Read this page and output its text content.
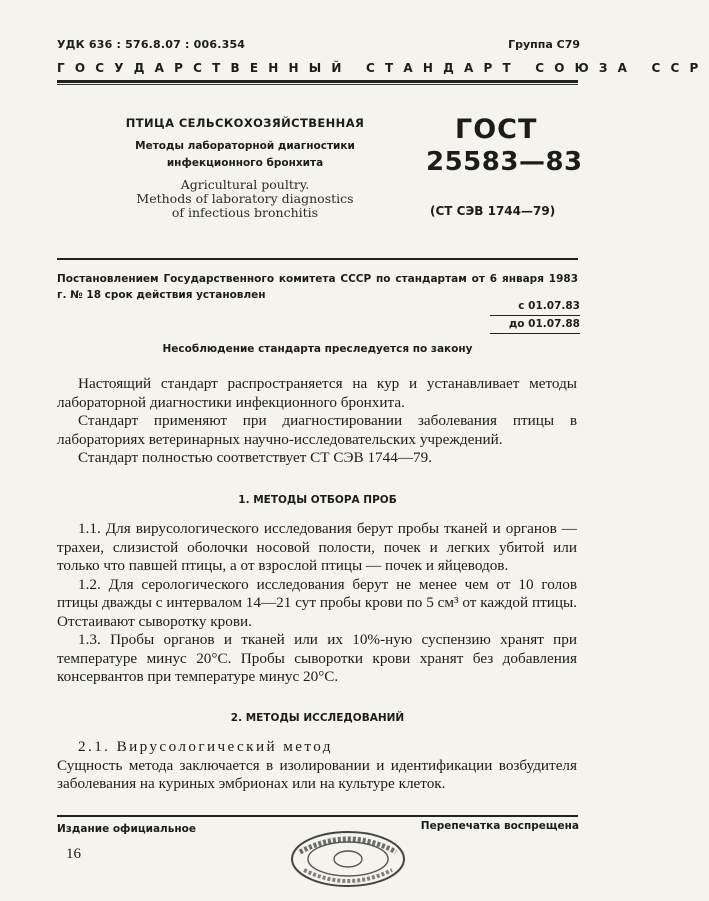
УДК 636 : 576.8.07 : 006.354	Группа С79
ГОСУДАРСТВЕННЫЙ СТАНДАРТ СОЮЗА ССР
ПТИЦА СЕЛЬСКОХОЗЯЙСТВЕННАЯ
Методы лабораторной диагностики
инфекционного бронхита
Agricultural poultry.
Methods of laboratory diagnostics
of infectious bronchitis
ГОСТ
25583—83
(СТ СЭВ 1744—79)
Постановлением Государственного комитета СССР по стандартам от 6 января 1983 г. № 18 срок действия установлен
с 01.07.83
до 01.07.88
Несоблюдение стандарта преследуется по закону

Настоящий стандарт распространяется на кур и устанавливает методы лабораторной диагностики инфекционного бронхита.

Стандарт применяют при диагностировании заболевания птицы в лабораториях ветеринарных научно-исследовательских учреждений.

Стандарт полностью соответствует СТ СЭВ 1744—79.

1. МЕТОДЫ ОТБОРА ПРОБ

1.1. Для вирусологического исследования берут пробы тканей и органов — трахеи, слизистой оболочки носовой полости, почек и легких убитой или только что павшей птицы, а от взрослой птицы — почек и яйцеводов.

1.2. Для серологического исследования берут не менее чем от 10 голов птицы дважды с интервалом 14—21 сут пробы крови по 5 см³ от каждой птицы. Отстаивают сыворотку крови.

1.3. Пробы органов и тканей или их 10%-ную суспензию хранят при температуре минус 20°С. Пробы сыворотки крови хранят без добавления консервантов при температуре минус 20°С.

2. МЕТОДЫ ИССЛЕДОВАНИЙ

2.1. Вирусологический метод

Сущность метода заключается в изолировании и идентификации возбудителя заболевания на куриных эмбрионах или на культуре клеток.

Издание официальное	Перепечатка воспрещена
16
